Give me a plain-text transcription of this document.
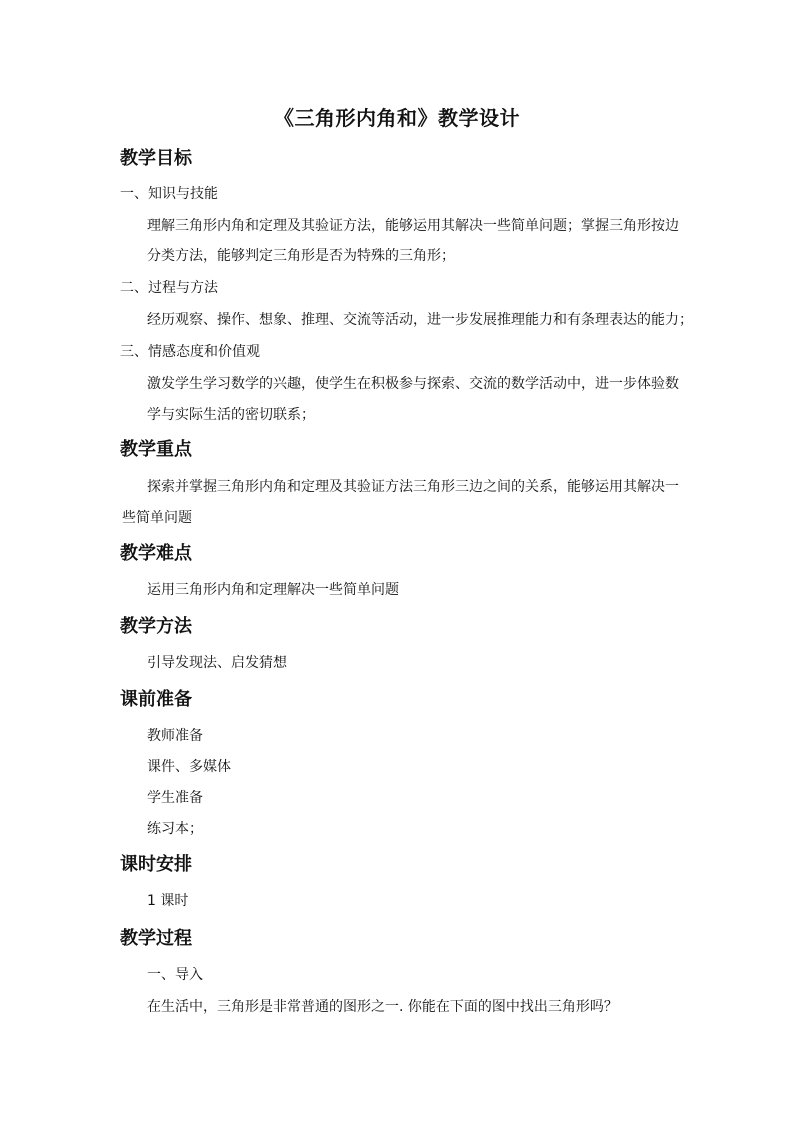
《三角形内角和》教学设计
教学目标
一、知识与技能
理解三角形内角和定理及其验证方法，能够运用其解决一些简单问题；掌握三角形按边
分类方法，能够判定三角形是否为特殊的三角形；
二、过程与方法
经历观察、操作、想象、推理、交流等活动，进一步发展推理能力和有条理表达的能力；
三、情感态度和价值观
激发学生学习数学的兴趣，使学生在积极参与探索、交流的数学活动中，进一步体验数
学与实际生活的密切联系；
教学重点
探索并掌握三角形内角和定理及其验证方法三角形三边之间的关系，能够运用其解决一
些简单问题
教学难点
运用三角形内角和定理解决一些简单问题
教学方法
引导发现法、启发猜想
课前准备
教师准备
课件、多媒体
学生准备
练习本；
课时安排
1 课时
教学过程
一、导入
在生活中，三角形是非常普通的图形之一. 你能在下面的图中找出三角形吗？
